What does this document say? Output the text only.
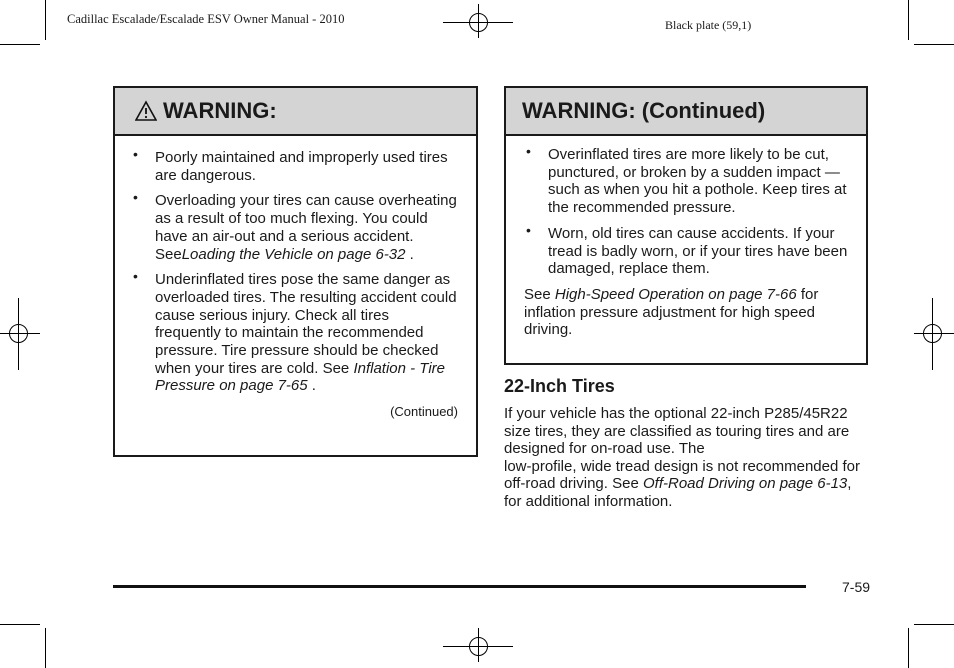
Cadillac Escalade/Escalade ESV Owner Manual - 2010	Black plate (59,1)
WARNING:
• Poorly maintained and improperly used tires are dangerous.
• Overloading your tires can cause overheating as a result of too much flexing. You could have an air-out and a serious accident. SeeLoading the Vehicle on page 6-32 .
• Underinflated tires pose the same danger as overloaded tires. The resulting accident could cause serious injury. Check all tires frequently to maintain the recommended pressure. Tire pressure should be checked when your tires are cold. See Inflation - Tire Pressure on page 7-65 .
(Continued)
WARNING: (Continued)
• Overinflated tires are more likely to be cut, punctured, or broken by a sudden impact — such as when you hit a pothole. Keep tires at the recommended pressure.
• Worn, old tires can cause accidents. If your tread is badly worn, or if your tires have been damaged, replace them.
See High-Speed Operation on page 7-66 for inflation pressure adjustment for high speed driving.
22-Inch Tires
If your vehicle has the optional 22-inch P285/45R22 size tires, they are classified as touring tires and are designed for on-road use. The
low-profile, wide tread design is not recommended for off-road driving. See Off-Road Driving on page 6-13, for additional information.
7-59
